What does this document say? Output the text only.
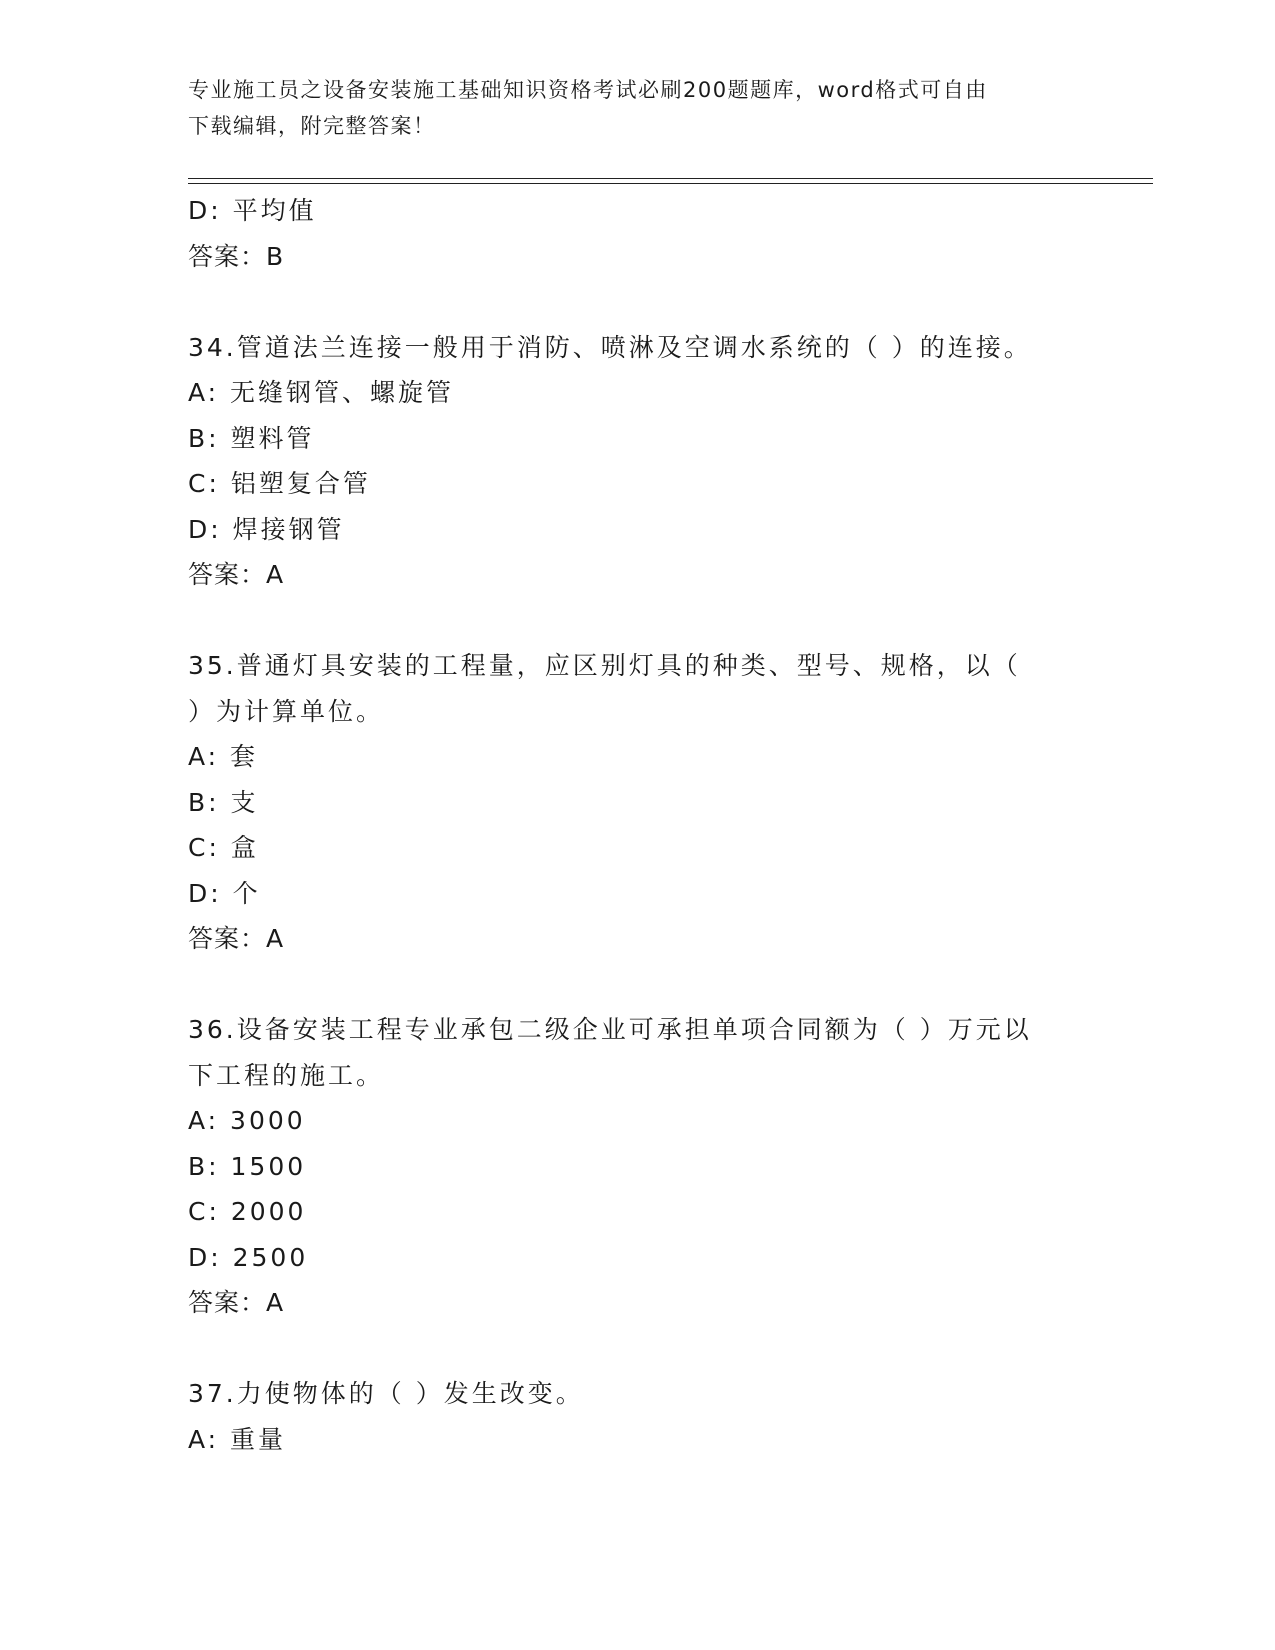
专业施工员之设备安装施工基础知识资格考试必刷200题题库，word格式可自由
下载编辑，附完整答案！
D: 平均值
答案：B
34.管道法兰连接一般用于消防、喷淋及空调水系统的（ ）的连接。
A: 无缝钢管、螺旋管
B: 塑料管
C: 铝塑复合管
D: 焊接钢管
答案：A
35.普通灯具安装的工程量，应区别灯具的种类、型号、规格，以（
）为计算单位。
A: 套
B: 支
C: 盒
D: 个
答案：A
36.设备安装工程专业承包二级企业可承担单项合同额为（ ）万元以
下工程的施工。
A: 3000
B: 1500
C: 2000
D: 2500
答案：A
37.力使物体的（ ）发生改变。
A: 重量
